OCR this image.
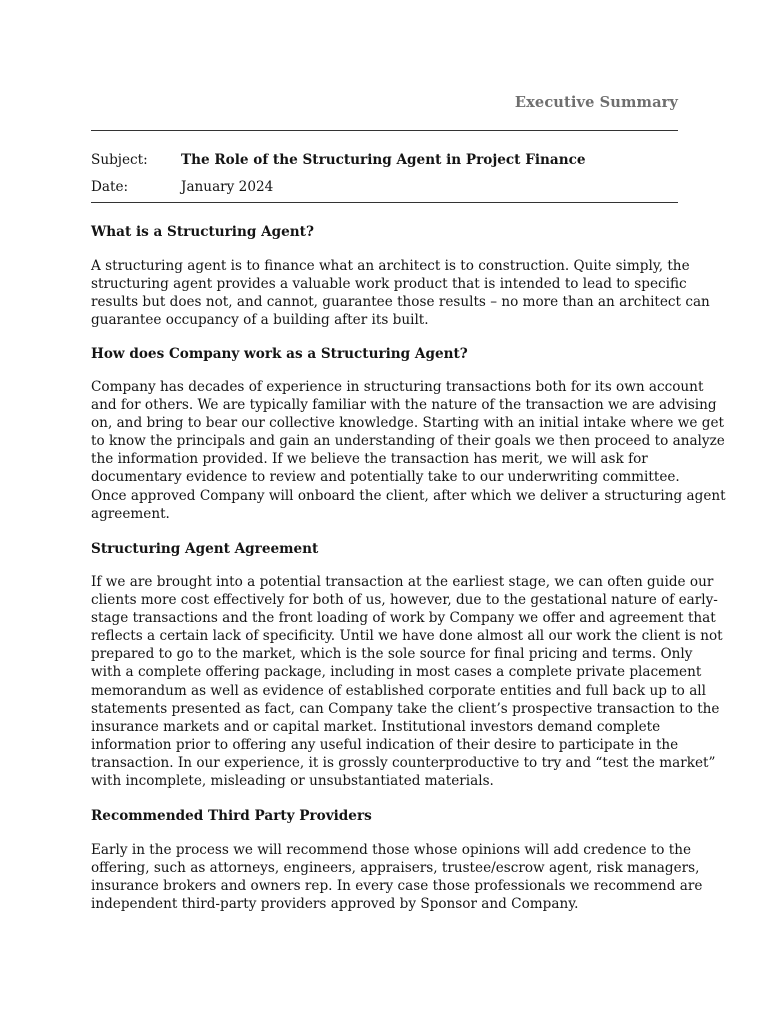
Executive Summary
Subject: The Role of the Structuring Agent in Project Finance
Date:	January 2024
What is a Structuring Agent?
A structuring agent is to finance what an architect is to construction. Quite simply, the
structuring agent provides a valuable work product that is intended to lead to specific
results but does not, and cannot, guarantee those results – no more than an architect can
guarantee occupancy of a building after its built.
How does Company work as a Structuring Agent?
Company has decades of experience in structuring transactions both for its own account
and for others. We are typically familiar with the nature of the transaction we are advising
on, and bring to bear our collective knowledge. Starting with an initial intake where we get
to know the principals and gain an understanding of their goals we then proceed to analyze
the information provided. If we believe the transaction has merit, we will ask for
documentary evidence to review and potentially take to our underwriting committee.
Once approved Company will onboard the client, after which we deliver a structuring agent
agreement.
Structuring Agent Agreement
If we are brought into a potential transaction at the earliest stage, we can often guide our
clients more cost effectively for both of us, however, due to the gestational nature of early-
stage transactions and the front loading of work by Company we offer and agreement that
reflects a certain lack of specificity. Until we have done almost all our work the client is not
prepared to go to the market, which is the sole source for final pricing and terms. Only
with a complete offering package, including in most cases a complete private placement
memorandum as well as evidence of established corporate entities and full back up to all
statements presented as fact, can Company take the client’s prospective transaction to the
insurance markets and or capital market. Institutional investors demand complete
information prior to offering any useful indication of their desire to participate in the
transaction. In our experience, it is grossly counterproductive to try and “test the market”
with incomplete, misleading or unsubstantiated materials.
Recommended Third Party Providers
Early in the process we will recommend those whose opinions will add credence to the
offering, such as attorneys, engineers, appraisers, trustee/escrow agent, risk managers,
insurance brokers and owners rep. In every case those professionals we recommend are
independent third-party providers approved by Sponsor and Company.
